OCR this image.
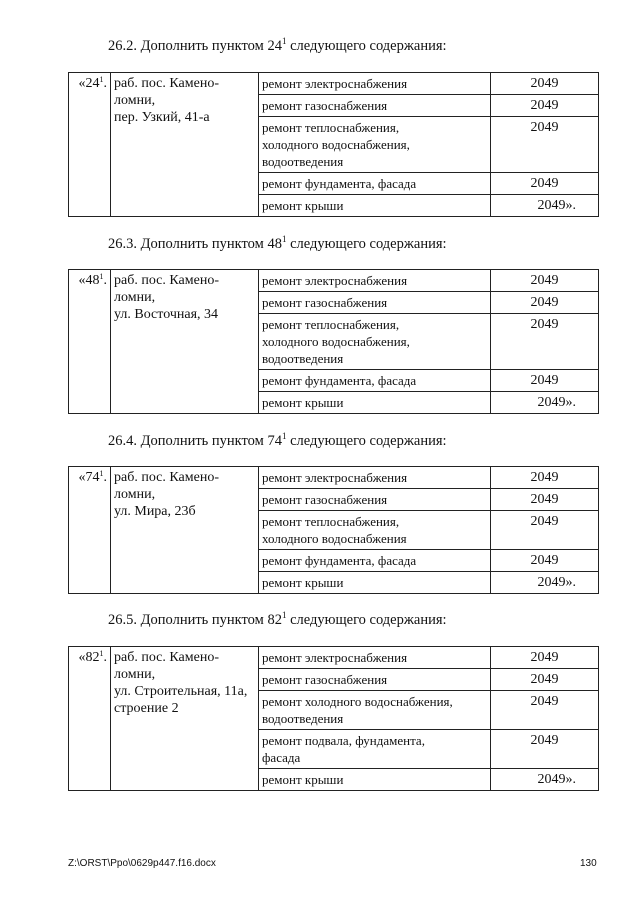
26.2. Дополнить пунктом $24^1$ следующего содержания:
«$24^1$.	раб. пос. Камено-
ломни,
пер. Узкий, 41-а	ремонт электроснабжения	2049

		ремонт газоснабжения	2049

		ремонт теплоснабжения,
холодного водоснабжения,
водоотведения	2049

		ремонт фундамента, фасада	2049

		ремонт крыши	2049».
26.3. Дополнить пунктом $48^1$ следующего содержания:
«$48^1$.	раб. пос. Камено-
ломни,
ул. Восточная, 34	ремонт электроснабжения	2049

		ремонт газоснабжения	2049

		ремонт теплоснабжения,
холодного водоснабжения,
водоотведения	2049

		ремонт фундамента, фасада	2049

		ремонт крыши	2049».
26.4. Дополнить пунктом $74^1$ следующего содержания:
«$74^1$.	раб. пос. Камено-
ломни,
ул. Мира, 23б	ремонт электроснабжения	2049

		ремонт газоснабжения	2049

		ремонт теплоснабжения,
холодного водоснабжения	2049

		ремонт фундамента, фасада	2049

		ремонт крыши	2049».
26.5. Дополнить пунктом $82^1$ следующего содержания:
«$82^1$.	раб. пос. Камено-
ломни,
ул. Строительная, 11а,
строение 2	ремонт электроснабжения	2049

		ремонт газоснабжения	2049

		ремонт холодного водоснабжения,
водоотведения	2049

		ремонт подвала, фундамента,
фасада	2049

		ремонт крыши	2049».
Z:\ORST\Ppo\0629p447.f16.docx	130
